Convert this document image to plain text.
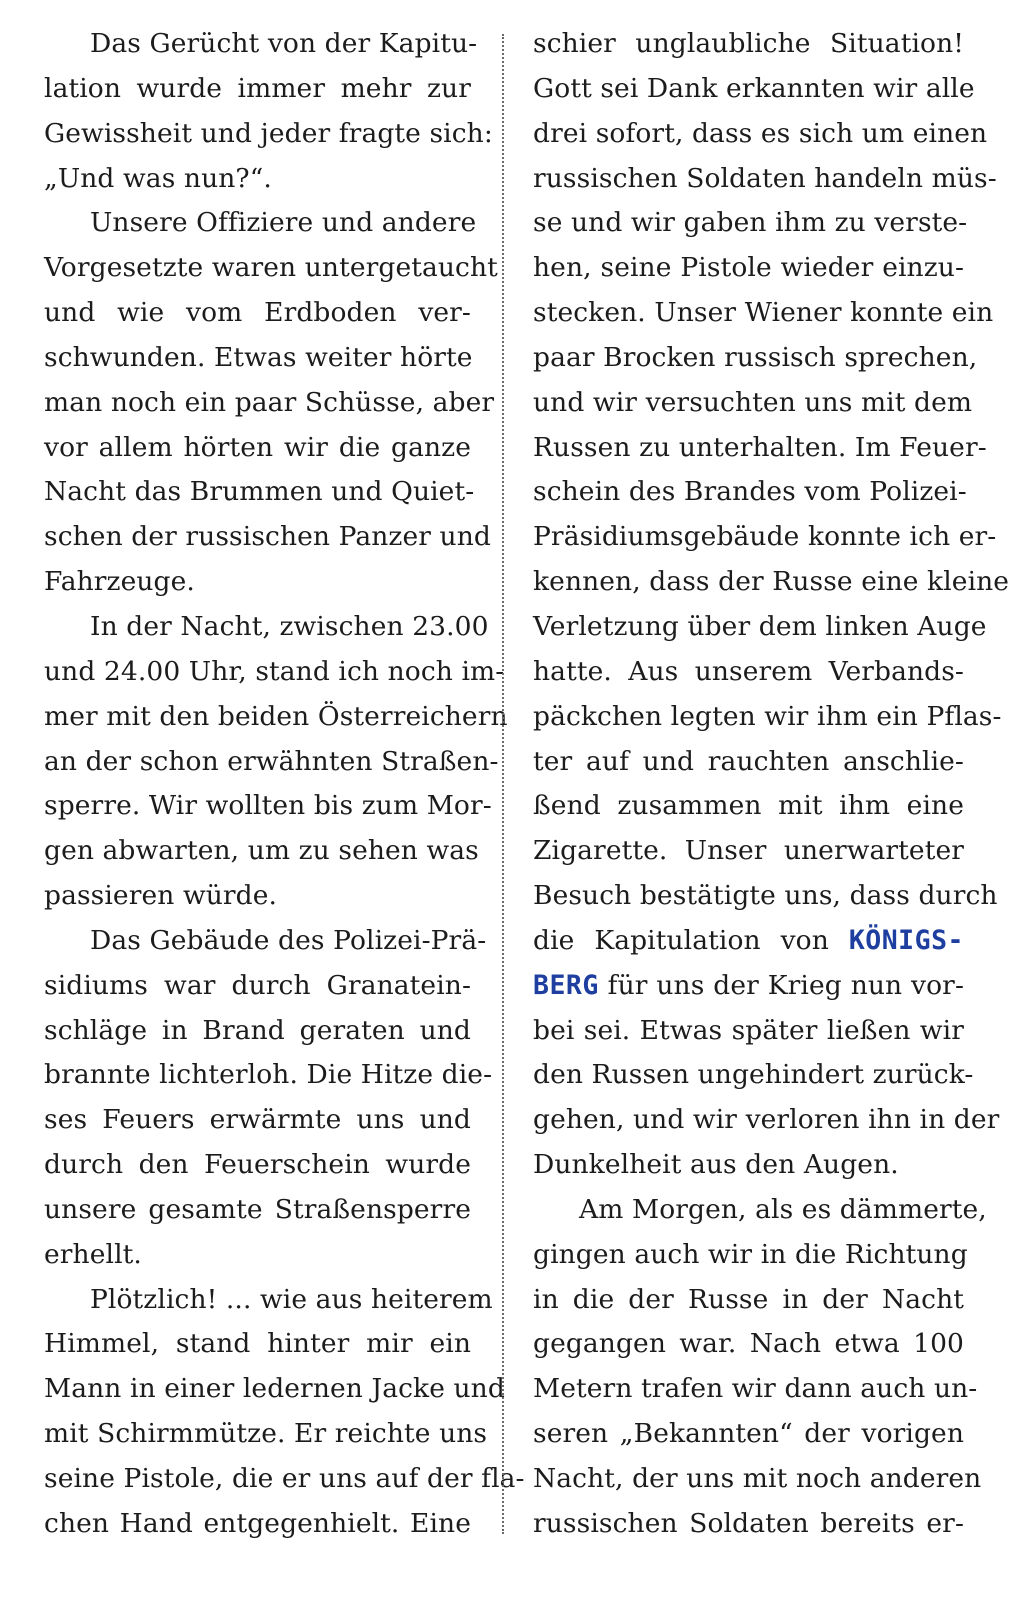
Das Gerücht von der Kapitu-
lation wurde immer mehr zur
Gewissheit und jeder fragte sich:
„Und was nun?“.
Unsere Offiziere und andere
Vorgesetzte waren untergetaucht
und wie vom Erdboden ver-
schwunden. Etwas weiter hörte
man noch ein paar Schüsse, aber
vor allem hörten wir die ganze
Nacht das Brummen und Quiet-
schen der russischen Panzer und
Fahrzeuge.
In der Nacht, zwischen 23.00
und 24.00 Uhr, stand ich noch im-
mer mit den beiden Österreichern
an der schon erwähnten Straßen-
sperre. Wir wollten bis zum Mor-
gen abwarten, um zu sehen was
passieren würde.
Das Gebäude des Polizei-Prä-
sidiums war durch Granatein-
schläge in Brand geraten und
brannte lichterloh. Die Hitze die-
ses Feuers erwärmte uns und
durch den Feuerschein wurde
unsere gesamte Straßensperre
erhellt.
Plötzlich! ... wie aus heiterem
Himmel, stand hinter mir ein
Mann in einer ledernen Jacke und
mit Schirmmütze. Er reichte uns
seine Pistole, die er uns auf der fla-
chen Hand entgegenhielt. Eine
schier unglaubliche Situation!
Gott sei Dank erkannten wir alle
drei sofort, dass es sich um einen
russischen Soldaten handeln müs-
se und wir gaben ihm zu verste-
hen, seine Pistole wieder einzu-
stecken. Unser Wiener konnte ein
paar Brocken russisch sprechen,
und wir versuchten uns mit dem
Russen zu unterhalten. Im Feuer-
schein des Brandes vom Polizei-
Präsidiumsgebäude konnte ich er-
kennen, dass der Russe eine kleine
Verletzung über dem linken Auge
hatte. Aus unserem Verbands-
päckchen legten wir ihm ein Pflas-
ter auf und rauchten anschlie-
ßend zusammen mit ihm eine
Zigarette. Unser unerwarteter
Besuch bestätigte uns, dass durch
die Kapitulation von KÖNIGS-
BERG für uns der Krieg nun vor-
bei sei. Etwas später ließen wir
den Russen ungehindert zurück-
gehen, und wir verloren ihn in der
Dunkelheit aus den Augen.
Am Morgen, als es dämmerte,
gingen auch wir in die Richtung
in die der Russe in der Nacht
gegangen war. Nach etwa 100
Metern trafen wir dann auch un-
seren „Bekannten“ der vorigen
Nacht, der uns mit noch anderen
russischen Soldaten bereits er-
